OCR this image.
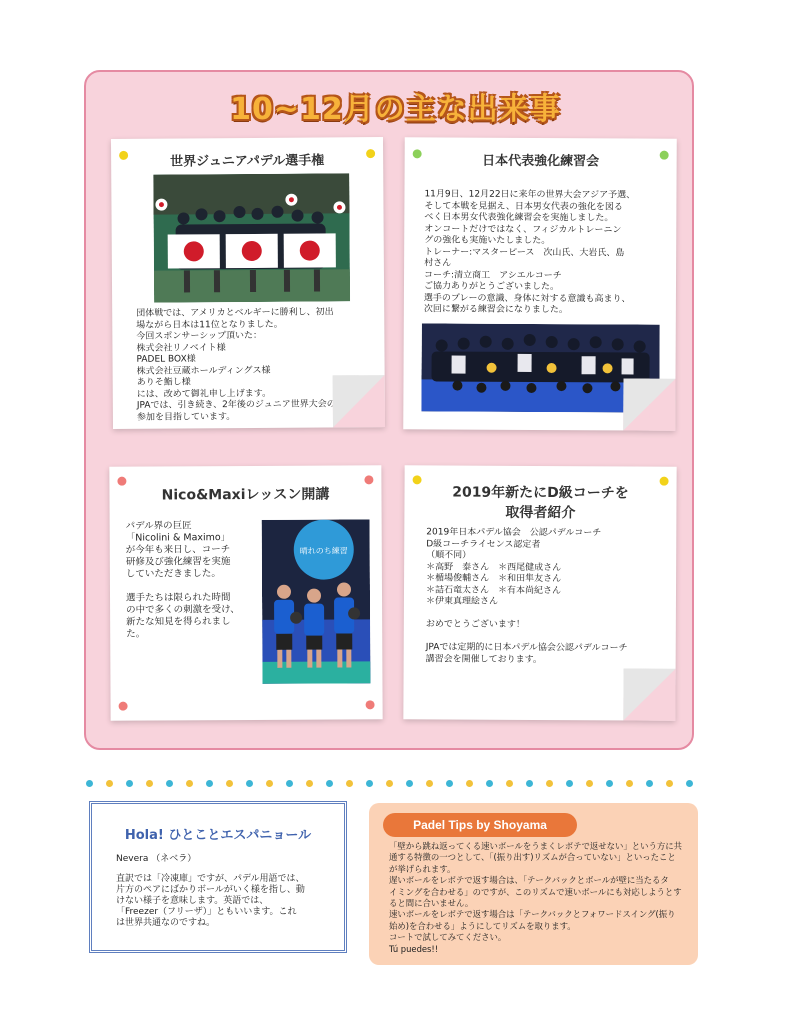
10~12月の主な出来事
世界ジュニアパデル選手権
団体戦では、アメリカとベルギーに勝利し、初出
場ながら日本は11位となりました。
今回スポンサーシップ頂いた：
株式会社リノベイト様
PADEL BOX様
株式会社豆蔵ホールディングス様
ありそ鮨し様
には、改めて御礼申し上げます。
JPAでは、引き続き、2年後のジュニア世界大会の
参加を目指しています。
日本代表強化練習会
11月9日、12月22日に来年の世界大会アジア予選、
そして本戦を見据え、日本男女代表の強化を図る
べく日本男女代表強化練習会を実施しました。
オンコートだけではなく、フィジカルトレーニン
グの強化も実施いたしました。
トレーナー:マスターピース　次山氏、大岩氏、島
村さん
コーチ:清立商工　アシエルコーチ
ご協力ありがとうございました。
選手のプレーの意識、身体に対する意識も高まり、
次回に繋がる練習会になりました。
Nico&Maxiレッスン開講
パデル界の巨匠
「Nicolini & Maximo」
が今年も来日し、コーチ
研修及び強化練習を実施
していただきました。
選手たちは限られた時間
の中で多くの刺激を受け、
新たな知見を得られまし
た。
晴れのち練習
2019年新たにD級コーチを
取得者紹介
2019年日本パデル協会　公認パデルコーチ
D級コーチライセンス認定者
（順不同）
＊高野　泰さん　＊西尾健成さん
＊楯場俊輔さん　＊和田隼友さん
＊詰石竜太さん　＊有本尚紀さん
＊伊東真理絵さん
おめでとうございます！
JPAでは定期的に日本パデル協会公認パデルコーチ
講習会を開催しております。
Hola! ひとことエスパニョール
Nevera （ネベラ）
直訳では「冷凍庫」ですが、パデル用語では、
片方のペアにばかりボールがいく様を指し、動
けない様子を意味します。英語では、
「Freezer（フリーザ）」ともいいます。これ
は世界共通なのですね。
Padel Tips by Shoyama
「壁から跳ね返ってくる速いボールをうまくレボテで返せない」という方に共
通する特徴の一つとして、「(振り出す)リズムが合っていない」といったこと
が挙げられます。
遅いボールをレボテで返す場合は、「テークバックとボールが壁に当たるタ
イミングを合わせる」のですが、このリズムで速いボールにも対応しようとす
ると間に合いません。
速いボールをレボテで返す場合は「テークバックとフォワードスイング(振り
始め)を合わせる」ようにしてリズムを取ります。
コートで試してみてください。
Tú puedes!!
